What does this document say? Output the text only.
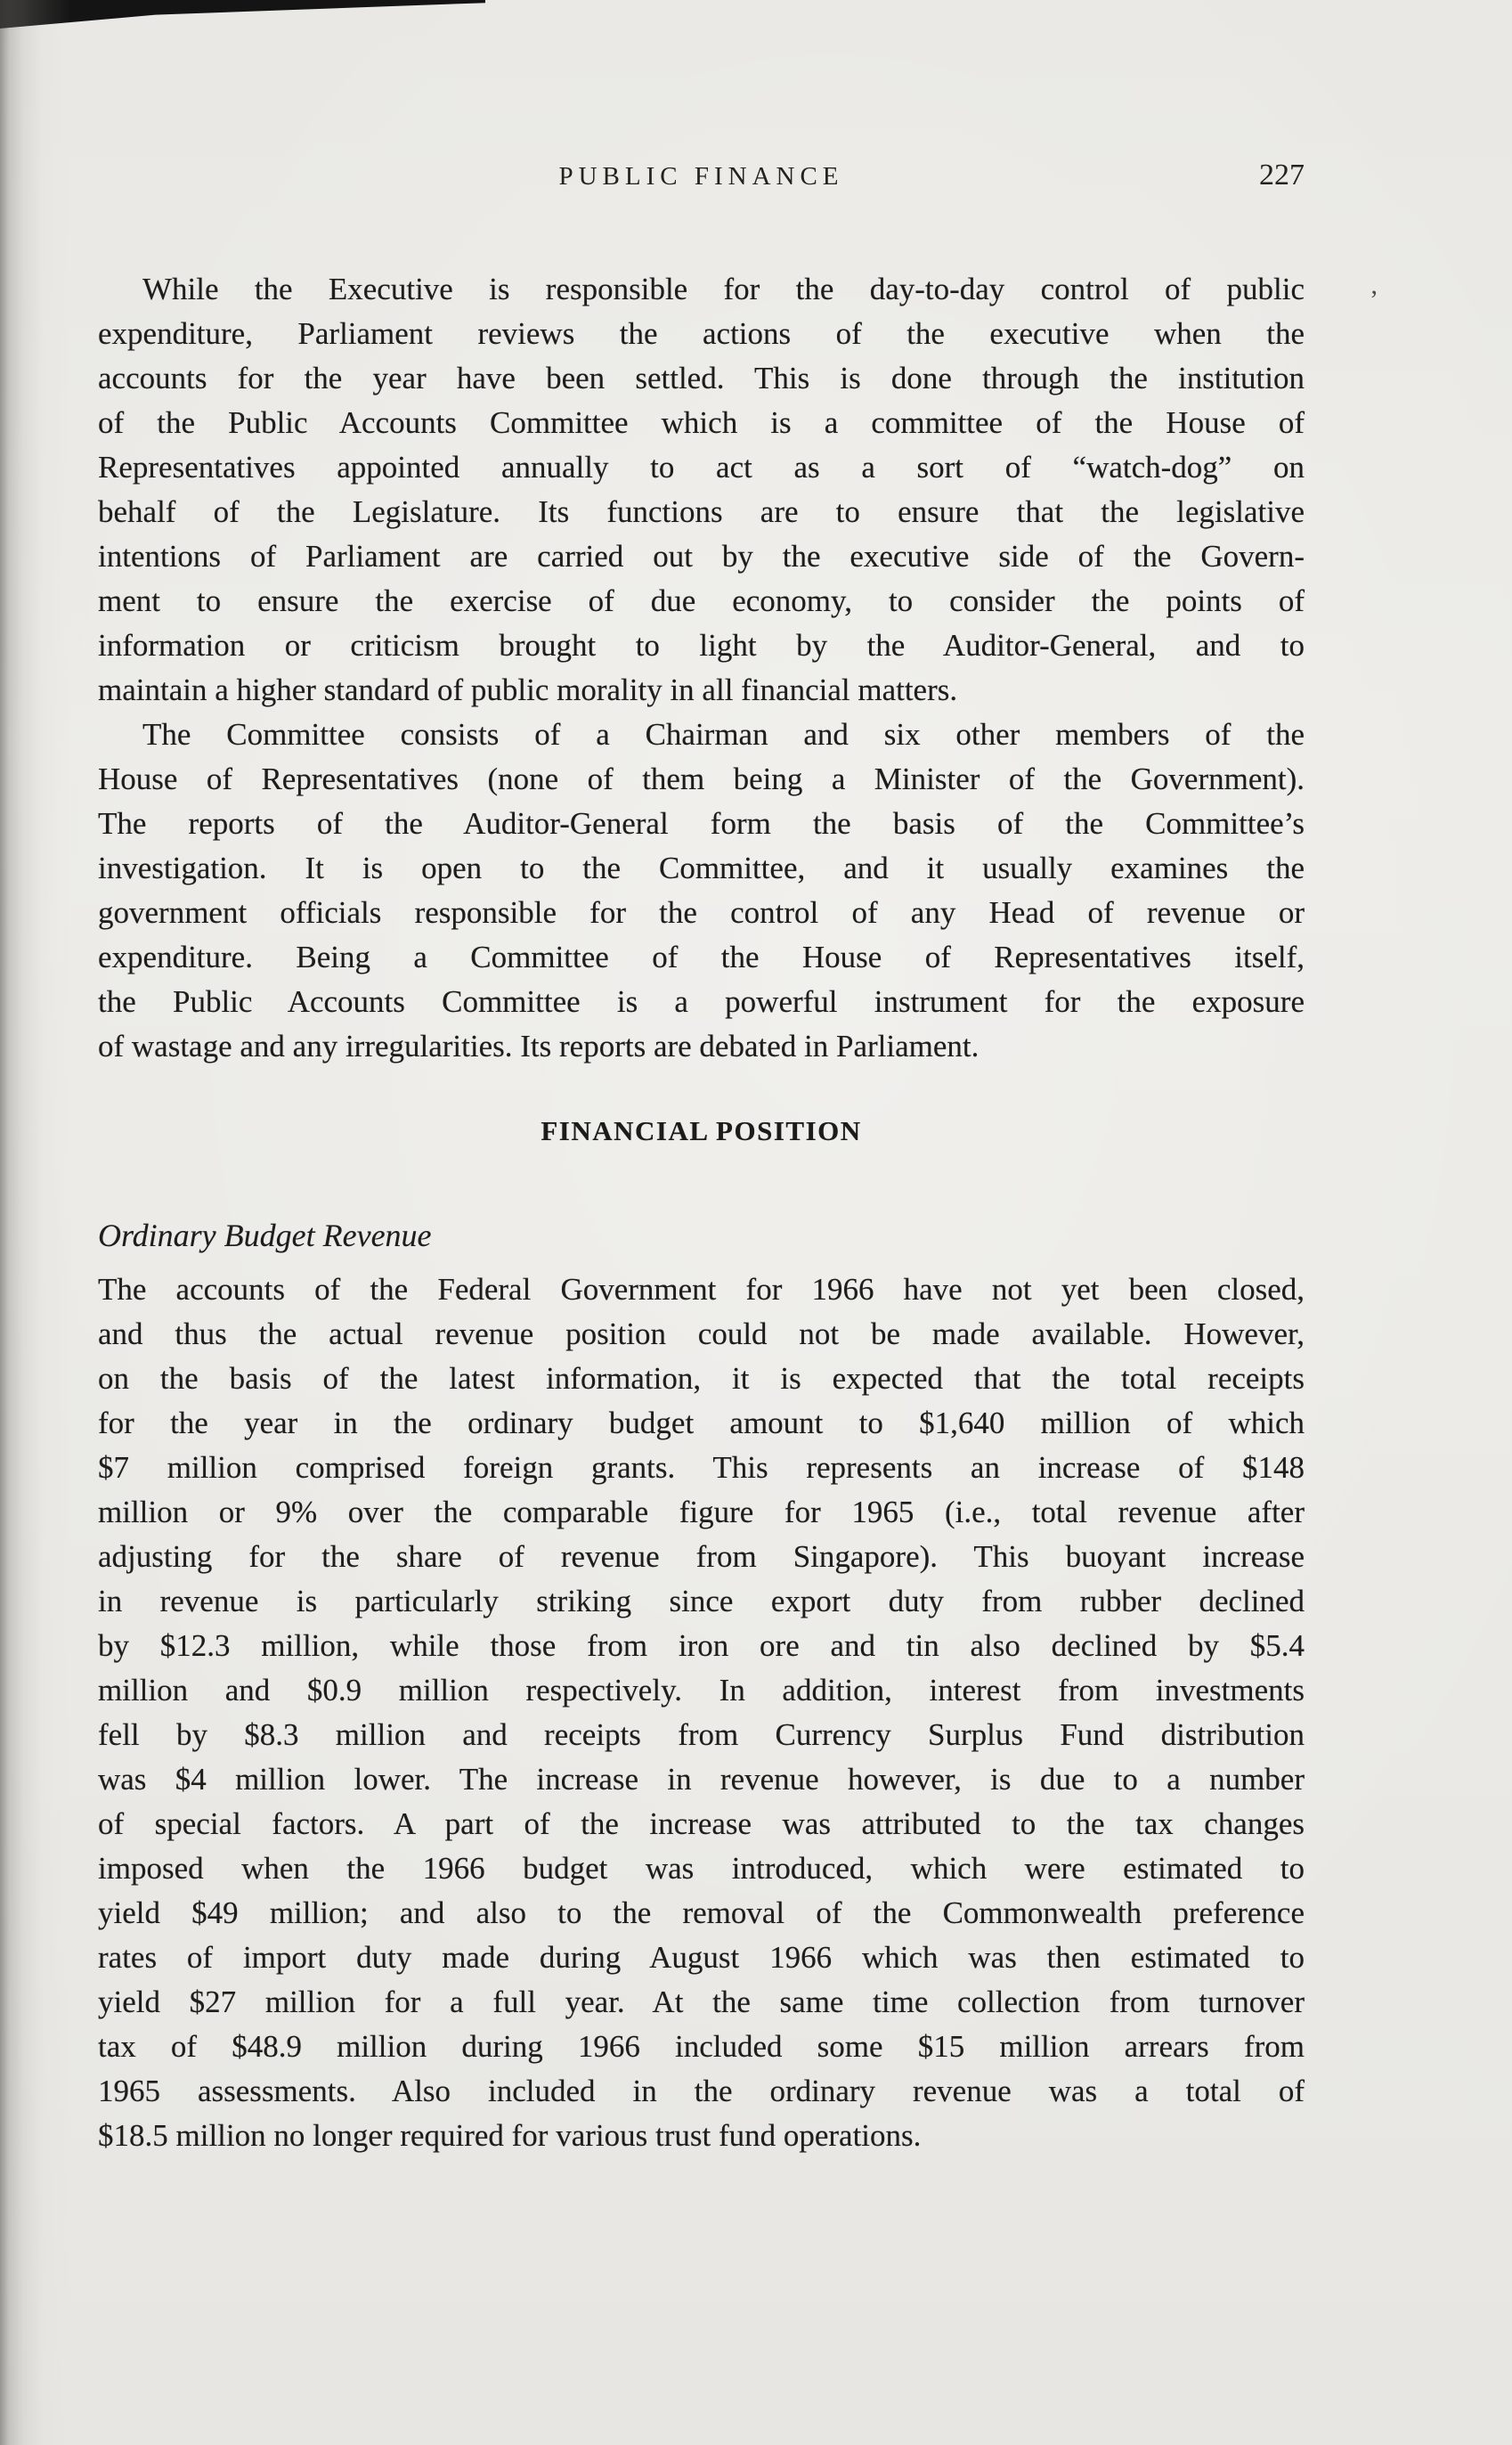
PUBLIC FINANCE	227
’
While the Executive is responsible for the day-to-day control of public
expenditure, Parliament reviews the actions of the executive when the
accounts for the year have been settled. This is done through the institution
of the Public Accounts Committee which is a committee of the House of
Representatives appointed annually to act as a sort of “watch-dog” on
behalf of the Legislature. Its functions are to ensure that the legislative
intentions of Parliament are carried out by the executive side of the Govern-
ment to ensure the exercise of due economy, to consider the points of
information or criticism brought to light by the Auditor-General, and to
maintain a higher standard of public morality in all financial matters.
The Committee consists of a Chairman and six other members of the
House of Representatives (none of them being a Minister of the Government).
The reports of the Auditor-General form the basis of the Committee’s
investigation. It is open to the Committee, and it usually examines the
government officials responsible for the control of any Head of revenue or
expenditure. Being a Committee of the House of Representatives itself,
the Public Accounts Committee is a powerful instrument for the exposure
of wastage and any irregularities. Its reports are debated in Parliament.
FINANCIAL POSITION
Ordinary Budget Revenue
The accounts of the Federal Government for 1966 have not yet been closed,
and thus the actual revenue position could not be made available. However,
on the basis of the latest information, it is expected that the total receipts
for the year in the ordinary budget amount to $1,640 million of which
$7 million comprised foreign grants. This represents an increase of $148
million or 9% over the comparable figure for 1965 (i.e., total revenue after
adjusting for the share of revenue from Singapore). This buoyant increase
in revenue is particularly striking since export duty from rubber declined
by $12.3 million, while those from iron ore and tin also declined by $5.4
million and $0.9 million respectively. In addition, interest from investments
fell by $8.3 million and receipts from Currency Surplus Fund distribution
was $4 million lower. The increase in revenue however, is due to a number
of special factors. A part of the increase was attributed to the tax changes
imposed when the 1966 budget was introduced, which were estimated to
yield $49 million; and also to the removal of the Commonwealth preference
rates of import duty made during August 1966 which was then estimated to
yield $27 million for a full year. At the same time collection from turnover
tax of $48.9 million during 1966 included some $15 million arrears from
1965 assessments. Also included in the ordinary revenue was a total of
$18.5 million no longer required for various trust fund operations.
